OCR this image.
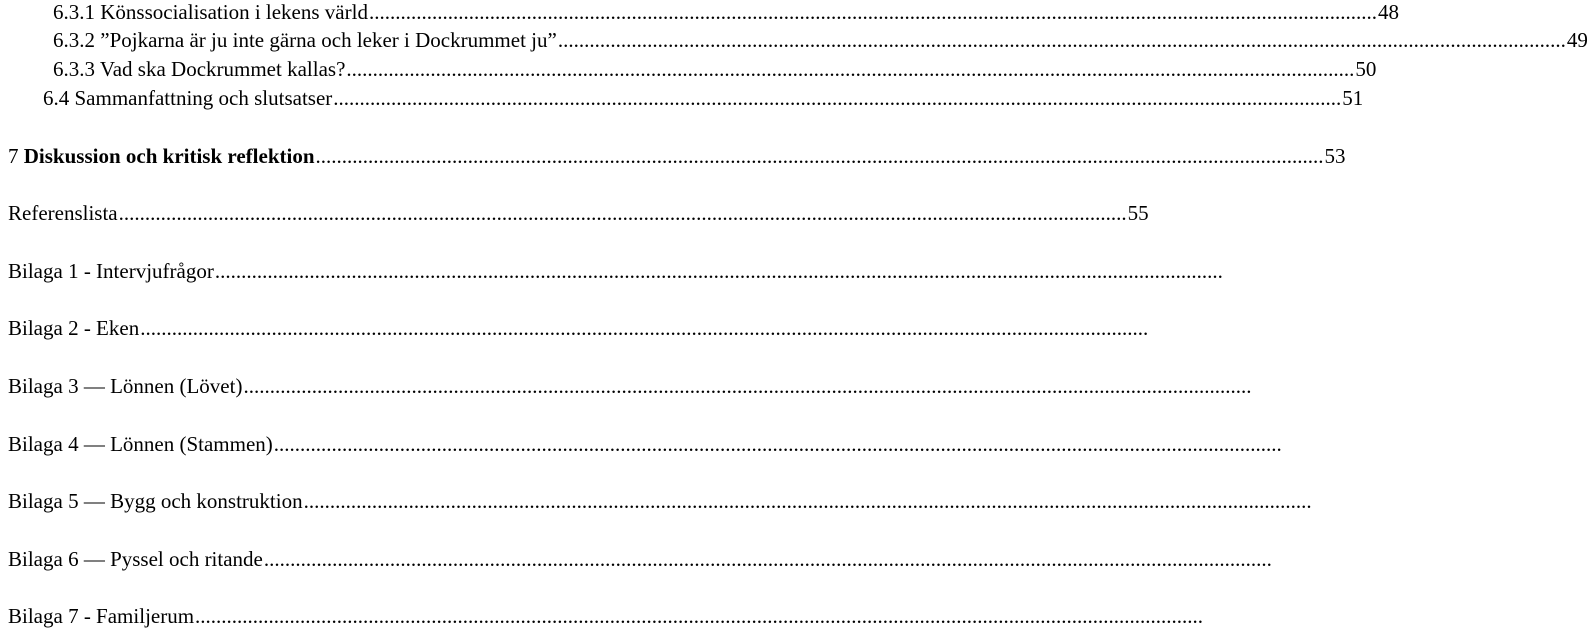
6.3.1 Könssocialisation i lekens värld ................................................................................................................................................................................................ 48
6.3.2 ”Pojkarna är ju inte gärna och leker i Dockrummet ju” ................................................................................................................................................................................................ 49
6.3.3 Vad ska Dockrummet kallas? ................................................................................................................................................................................................ 50
6.4 Sammanfattning och slutsatser ................................................................................................................................................................................................ 51
7 Diskussion och kritisk reflektion ................................................................................................................................................................................................ 53
Referenslista ................................................................................................................................................................................................ 55
Bilaga 1 - Intervjufrågor ................................................................................................................................................................................................
Bilaga 2 - Eken ................................................................................................................................................................................................
Bilaga 3 — Lönnen (Lövet) ................................................................................................................................................................................................
Bilaga 4 — Lönnen (Stammen) ................................................................................................................................................................................................
Bilaga 5 — Bygg och konstruktion ................................................................................................................................................................................................
Bilaga 6 — Pyssel och ritande ................................................................................................................................................................................................
Bilaga 7 - Familjerum ................................................................................................................................................................................................
